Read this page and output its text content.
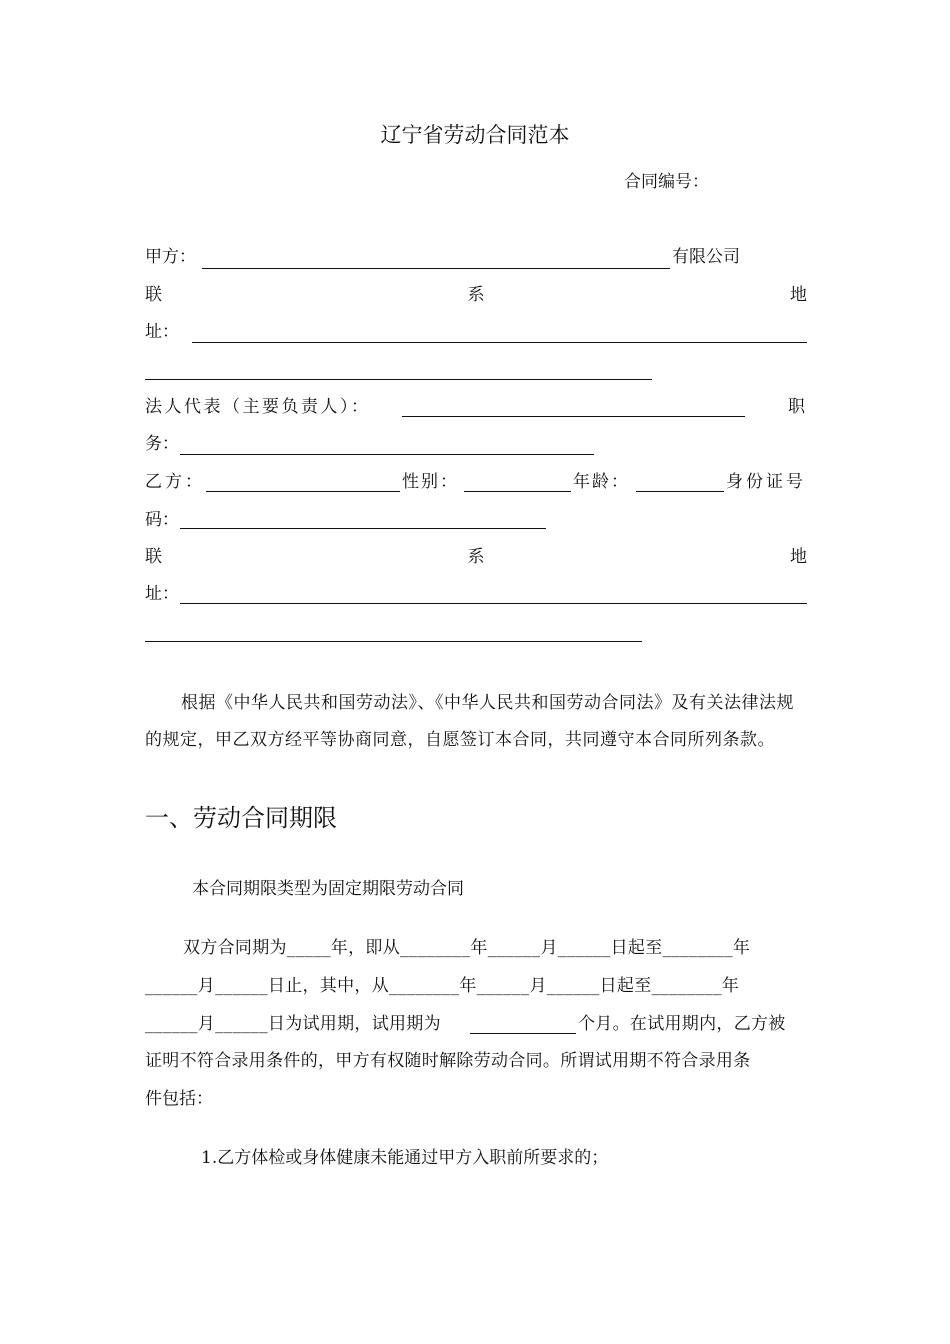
辽宁省劳动合同范本
合同编号：
甲方：	有限公司
联	系	地
址：
法人代表（主要负责人）：	职
务：
乙方：	性别：	年龄：	身份证号
码：
联	系	地
址：
根据《中华人民共和国劳动法》、《中华人民共和国劳动合同法》及有关法律法规的规定，甲乙双方经平等协商同意，自愿签订本合同，共同遵守本合同所列条款。
一、劳动合同期限
本合同期限类型为固定期限劳动合同
双方合同期为_____年，即从________年______月______日起至________年
______月______日止，其中，从________年______月______日起至________年
______月______日为试用期，试用期为	个月。在试用期内，乙方被
证明不符合录用条件的，甲方有权随时解除劳动合同。所谓试用期不符合录用条
件包括：
1.乙方体检或身体健康未能通过甲方入职前所要求的；
